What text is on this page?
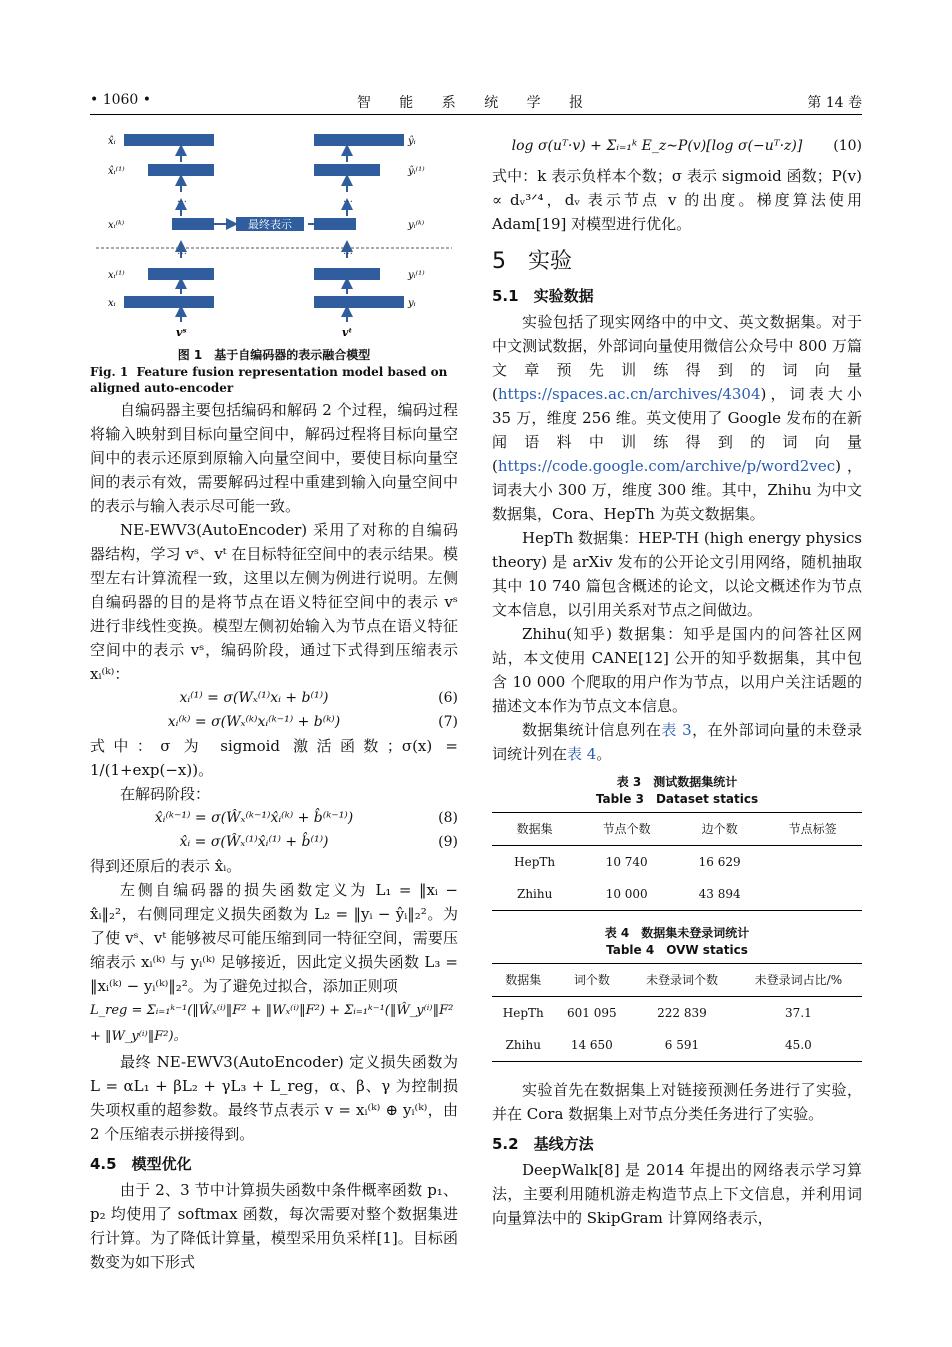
• 1060 •	智 能 系 统 学 报	第 14 卷
…	…
…	…
最终表示
x̂ᵢ
x̂ᵢ⁽¹⁾
xᵢ⁽ᵏ⁾
xᵢ⁽¹⁾
xᵢ
ŷᵢ
ŷᵢ⁽¹⁾
yᵢ⁽ᵏ⁾
yᵢ⁽¹⁾
yᵢ
vˢ	vᵗ
图 1　基于自编码器的表示融合模型
Fig. 1 Feature fusion representation model based on aligned auto-encoder

自编码器主要包括编码和解码 2 个过程，编码过程将输入映射到目标向量空间中，解码过程将目标向量空间中的表示还原到原输入向量空间中，要使目标向量空间的表示有效，需要解码过程中重建到输入向量空间中的表示与输入表示尽可能一致。

NE-EWV3(AutoEncoder) 采用了对称的自编码器结构，学习 vˢ、vᵗ 在目标特征空间中的表示结果。模型左右计算流程一致，这里以左侧为例进行说明。左侧自编码器的目的是将节点在语义特征空间中的表示 vˢ 进行非线性变换。模型左侧初始输入为节点在语义特征空间中的表示 vˢ，编码阶段，通过下式得到压缩表示 xᵢ⁽ᵏ⁾：

xᵢ⁽¹⁾ = σ(Wₓ⁽¹⁾xᵢ + b⁽¹⁾)	(6)
xᵢ⁽ᵏ⁾ = σ(Wₓ⁽ᵏ⁾xᵢ⁽ᵏ⁻¹⁾ + b⁽ᵏ⁾)	(7)

式中：σ 为 sigmoid 激活函数；σ(x) = 1/(1+exp(−x))。

在解码阶段：

x̂ᵢ⁽ᵏ⁻¹⁾ = σ(Ŵₓ⁽ᵏ⁻¹⁾x̂ᵢ⁽ᵏ⁾ + b̂⁽ᵏ⁻¹⁾)	(8)
x̂ᵢ = σ(Ŵₓ⁽¹⁾x̂ᵢ⁽¹⁾ + b̂⁽¹⁾)	(9)

得到还原后的表示 x̂ᵢ。

左侧自编码器的损失函数定义为 L₁ = ‖xᵢ − x̂ᵢ‖₂²，右侧同理定义损失函数为 L₂ = ‖yᵢ − ŷᵢ‖₂²。为了使 vˢ、vᵗ 能够被尽可能压缩到同一特征空间，需要压缩表示 xᵢ⁽ᵏ⁾ 与 yᵢ⁽ᵏ⁾ 足够接近，因此定义损失函数 L₃ = ‖xᵢ⁽ᵏ⁾ − yᵢ⁽ᵏ⁾‖₂²。为了避免过拟合，添加正则项

L_reg = Σᵢ₌₁ᵏ⁻¹(‖Ŵₓ⁽ⁱ⁾‖F² + ‖Wₓ⁽ⁱ⁾‖F²) + Σᵢ₌₁ᵏ⁻¹(‖Ŵ_y⁽ⁱ⁾‖F² + ‖W_y⁽ⁱ⁾‖F²)。

最终 NE-EWV3(AutoEncoder) 定义损失函数为 L = αL₁ + βL₂ + γL₃ + L_reg，α、β、γ 为控制损失项权重的超参数。最终节点表示 v = xᵢ⁽ᵏ⁾ ⊕ yᵢ⁽ᵏ⁾，由 2 个压缩表示拼接得到。

4.5　模型优化

由于 2、3 节中计算损失函数中条件概率函数 p₁、p₂ 均使用了 softmax 函数，每次需要对整个数据集进行计算。为了降低计算量，模型采用负采样[1]。目标函数变为如下形式

log σ(uᵀ·v) + Σᵢ₌₁ᵏ E_z∼P(v)[log σ(−uᵀ·z)]	(10)

式中：k 表示负样本个数；σ 表示 sigmoid 函数；P(v) ∝ dᵥ³ᐟ⁴，dᵥ 表示节点 v 的出度。梯度算法使用 Adam[19] 对模型进行优化。

5　实验
5.1　实验数据

实验包括了现实网络中的中文、英文数据集。对于中文测试数据，外部词向量使用微信公众号中 800 万篇文章预先训练得到的词向量 (https://spaces.ac.cn/archives/4304)，词表大小 35 万，维度 256 维。英文使用了 Google 发布的在新闻语料中训练得到的词向量 (https://code.google.com/archive/p/word2vec)，词表大小 300 万，维度 300 维。其中，Zhihu 为中文数据集，Cora、HepTh 为英文数据集。

HepTh 数据集：HEP-TH (high energy physics theory) 是 arXiv 发布的公开论文引用网络，随机抽取其中 10 740 篇包含概述的论文，以论文概述作为节点文本信息，以引用关系对节点之间做边。

Zhihu(知乎) 数据集：知乎是国内的问答社区网站，本文使用 CANE[12] 公开的知乎数据集，其中包含 10 000 个爬取的用户作为节点，以用户关注话题的描述文本作为节点文本信息。

数据集统计信息列在表 3，在外部词向量的未登录词统计列在表 4。

表 3　测试数据集统计
Table 3　Dataset statics
数据集	节点个数	边个数	节点标签
HepTh	10 740	16 629	
Zhihu	10 000	43 894	
表 4　数据集未登录词统计
Table 4　OVW statics
数据集	词个数	未登录词个数	未登录词占比/%
HepTh	601 095	222 839	37.1
Zhihu	14 650	6 591	45.0

实验首先在数据集上对链接预测任务进行了实验，并在 Cora 数据集上对节点分类任务进行了实验。

5.2　基线方法

DeepWalk[8] 是 2014 年提出的网络表示学习算法，主要利用随机游走构造节点上下文信息，并利用词向量算法中的 SkipGram 计算网络表示，
